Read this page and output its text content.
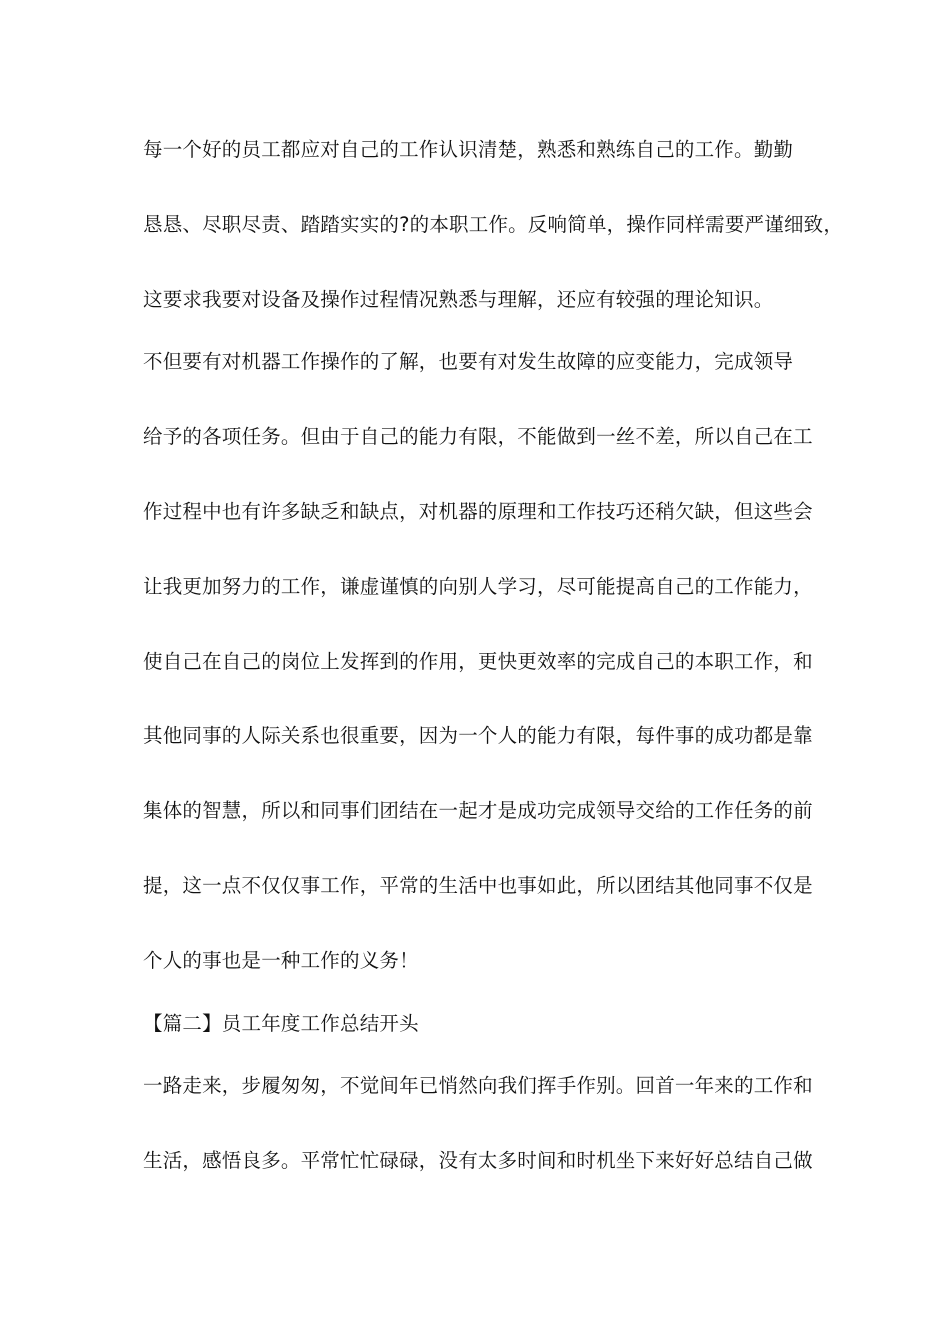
每一个好的员工都应对自己的工作认识清楚，熟悉和熟练自己的工作。勤勤
恳恳、尽职尽责、踏踏实实的?的本职工作。反响简单，操作同样需要严谨细致，
这要求我要对设备及操作过程情况熟悉与理解，还应有较强的理论知识。
不但要有对机器工作操作的了解，也要有对发生故障的应变能力，完成领导
给予的各项任务。但由于自己的能力有限，不能做到一丝不差，所以自己在工
作过程中也有许多缺乏和缺点，对机器的原理和工作技巧还稍欠缺，但这些会
让我更加努力的工作，谦虚谨慎的向别人学习，尽可能提高自己的工作能力，
使自己在自己的岗位上发挥到的作用，更快更效率的完成自己的本职工作，和
其他同事的人际关系也很重要，因为一个人的能力有限，每件事的成功都是靠
集体的智慧，所以和同事们团结在一起才是成功完成领导交给的工作任务的前
提，这一点不仅仅事工作，平常的生活中也事如此，所以团结其他同事不仅是
个人的事也是一种工作的义务！
【篇二】员工年度工作总结开头
一路走来，步履匆匆，不觉间年已悄然向我们挥手作别。回首一年来的工作和
生活，感悟良多。平常忙忙碌碌，没有太多时间和时机坐下来好好总结自己做
